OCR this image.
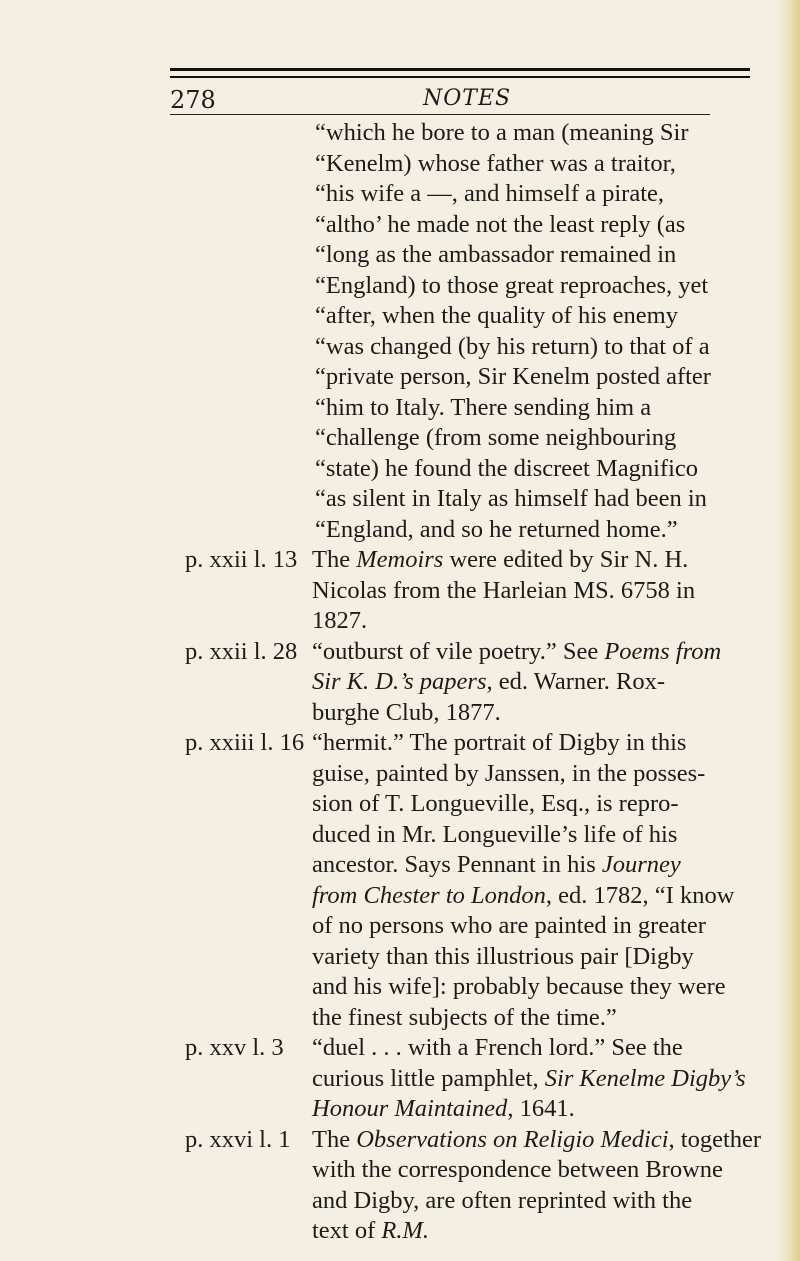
278	NOTES
“which he bore to a man (meaning Sir
“Kenelm) whose father was a traitor,
“his wife a —, and himself a pirate,
“altho’ he made not the least reply (as
“long as the ambassador remained in
“England) to those great reproaches, yet
“after, when the quality of his enemy
“was changed (by his return) to that of a
“private person, Sir Kenelm posted after
“him to Italy. There sending him a
“challenge (from some neighbouring
“state) he found the discreet Magnifico
“as silent in Italy as himself had been in
“England, and so he returned home.”
p. xxii l. 13 The Memoirs were edited by Sir N. H.
Nicolas from the Harleian MS. 6758 in
1827.
p. xxii l. 28 “outburst of vile poetry.” See Poems from
Sir K. D.’s papers, ed. Warner. Rox-
burghe Club, 1877.
p. xxiii l. 16 “hermit.” The portrait of Digby in this
guise, painted by Janssen, in the posses-
sion of T. Longueville, Esq., is repro-
duced in Mr. Longueville’s life of his
ancestor. Says Pennant in his Journey
from Chester to London, ed. 1782, “I know
of no persons who are painted in greater
variety than this illustrious pair [Digby
and his wife]: probably because they were
the finest subjects of the time.”
p. xxv l. 3 “duel . . . with a French lord.” See the
curious little pamphlet, Sir Kenelme Digby’s
Honour Maintained, 1641.
p. xxvi l. 1 The Observations on Religio Medici, together
with the correspondence between Browne
and Digby, are often reprinted with the
text of R.M.
